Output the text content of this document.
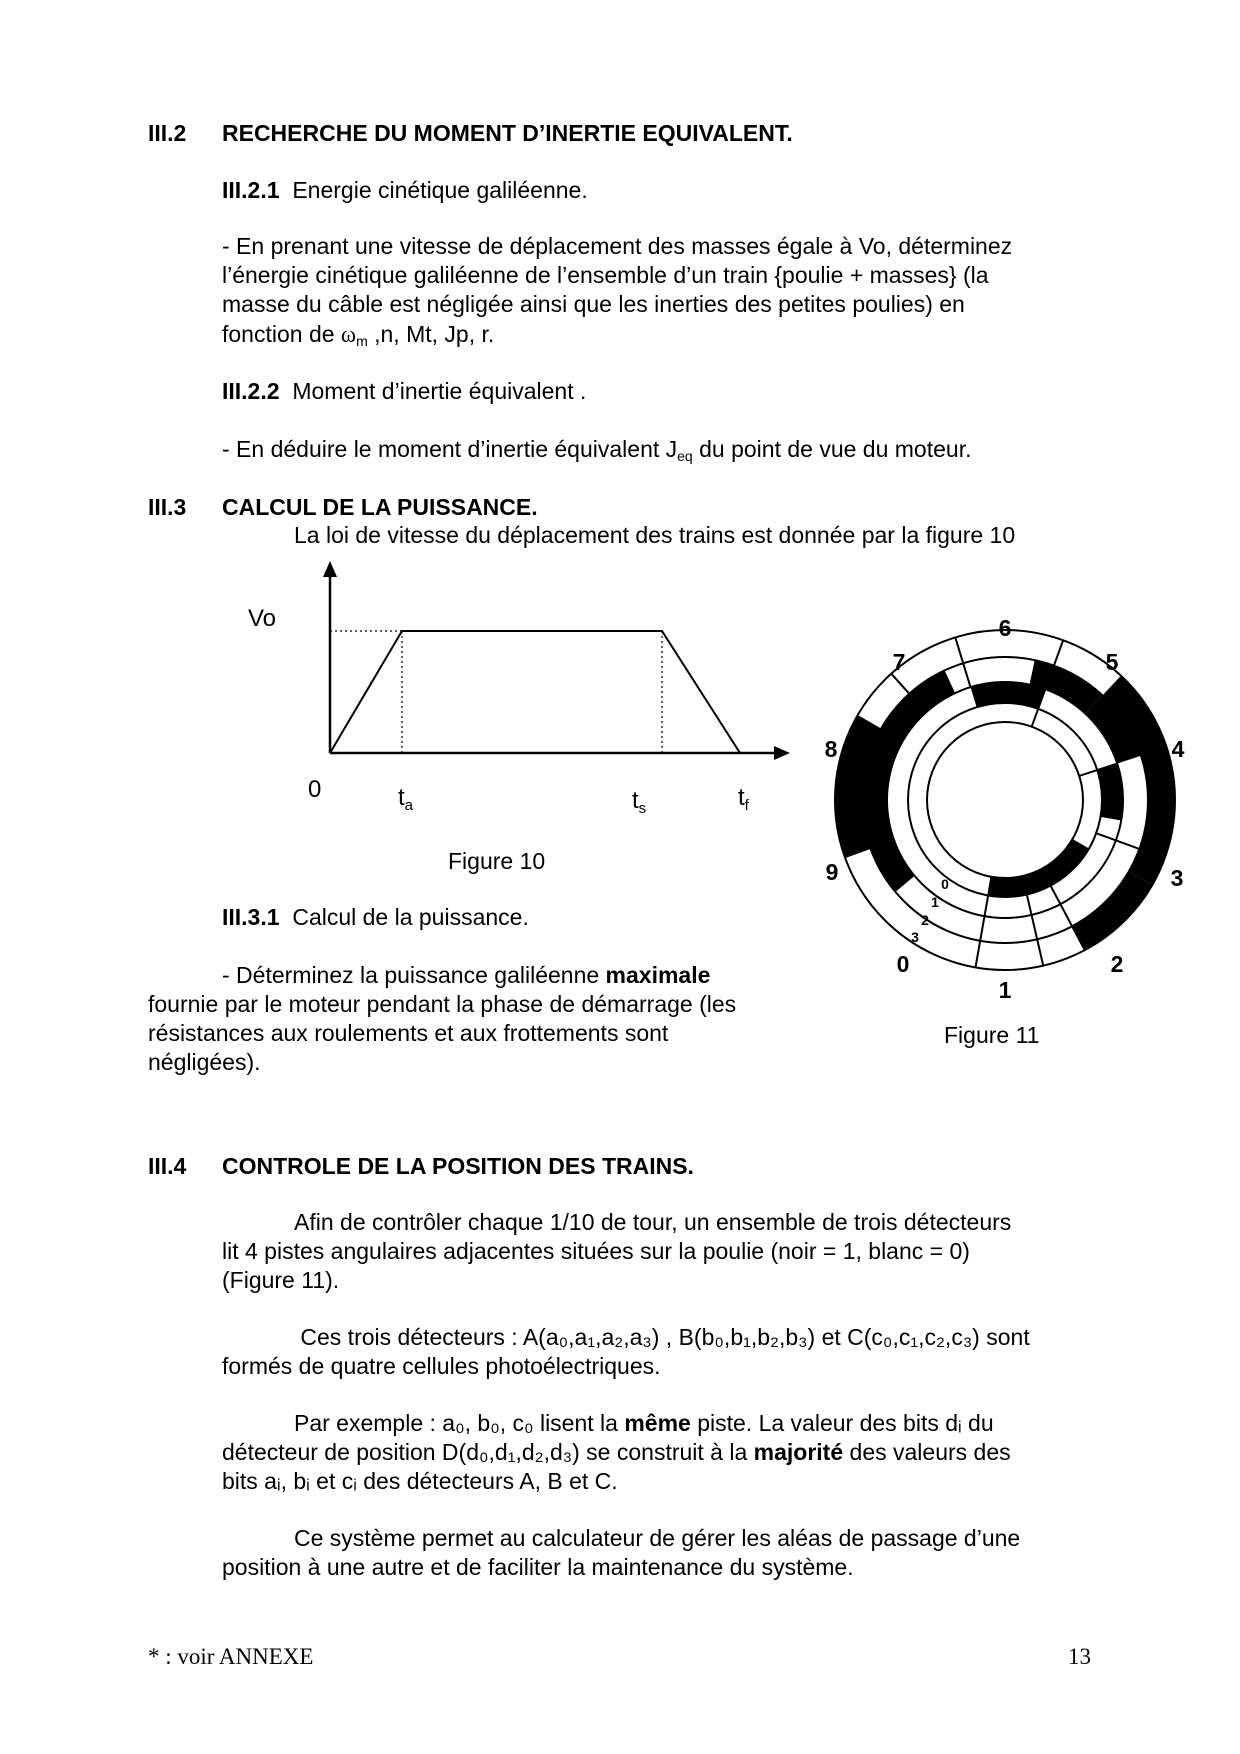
III.2 RECHERCHE DU MOMENT D’INERTIE EQUIVALENT.
III.2.1 Energie cinétique galiléenne.
- En prenant une vitesse de déplacement des masses égale à Vo, déterminez
l’énergie cinétique galiléenne de l’ensemble d’un train {poulie + masses} (la
masse du câble est négligée ainsi que les inerties des petites poulies) en
fonction de $\omega_m$ ,n, Mt, Jp, r.
III.2.2 Moment d’inertie équivalent .
- En déduire le moment d’inertie équivalent $J_{eq}$ du point de vue du moteur.
III.3 CALCUL DE LA PUISSANCE.
La loi de vitesse du déplacement des trains est donnée par la figure 10
Vo
0	$t_a$	$t_s$	$t_f$
Figure 10
III.3.1 Calcul de la puissance.
- Déterminez la puissance galiléenne maximale
fournie par le moteur pendant la phase de démarrage (les
résistances aux roulements et aux frottements sont
négligées).
0
1
2
3
4
5
6
7
8
9	0
1
2
3
Figure 11
III.4 CONTROLE DE LA POSITION DES TRAINS.
Afin de contrôler chaque 1/10 de tour, un ensemble de trois détecteurs
lit 4 pistes angulaires adjacentes situées sur la poulie (noir = 1, blanc = 0)
(Figure 11).
Ces trois détecteurs : A(a₀,a₁,a₂,a₃) , B(b₀,b₁,b₂,b₃) et C(c₀,c₁,c₂,c₃) sont
formés de quatre cellules photoélectriques.
Par exemple : a₀, b₀, c₀ lisent la même piste. La valeur des bits dᵢ du
détecteur de position D(d₀,d₁,d₂,d₃) se construit à la majorité des valeurs des
bits aᵢ, bᵢ et cᵢ des détecteurs A, B et C.
Ce système permet au calculateur de gérer les aléas de passage d’une
position à une autre et de faciliter la maintenance du système.
* : voir ANNEXE	13
